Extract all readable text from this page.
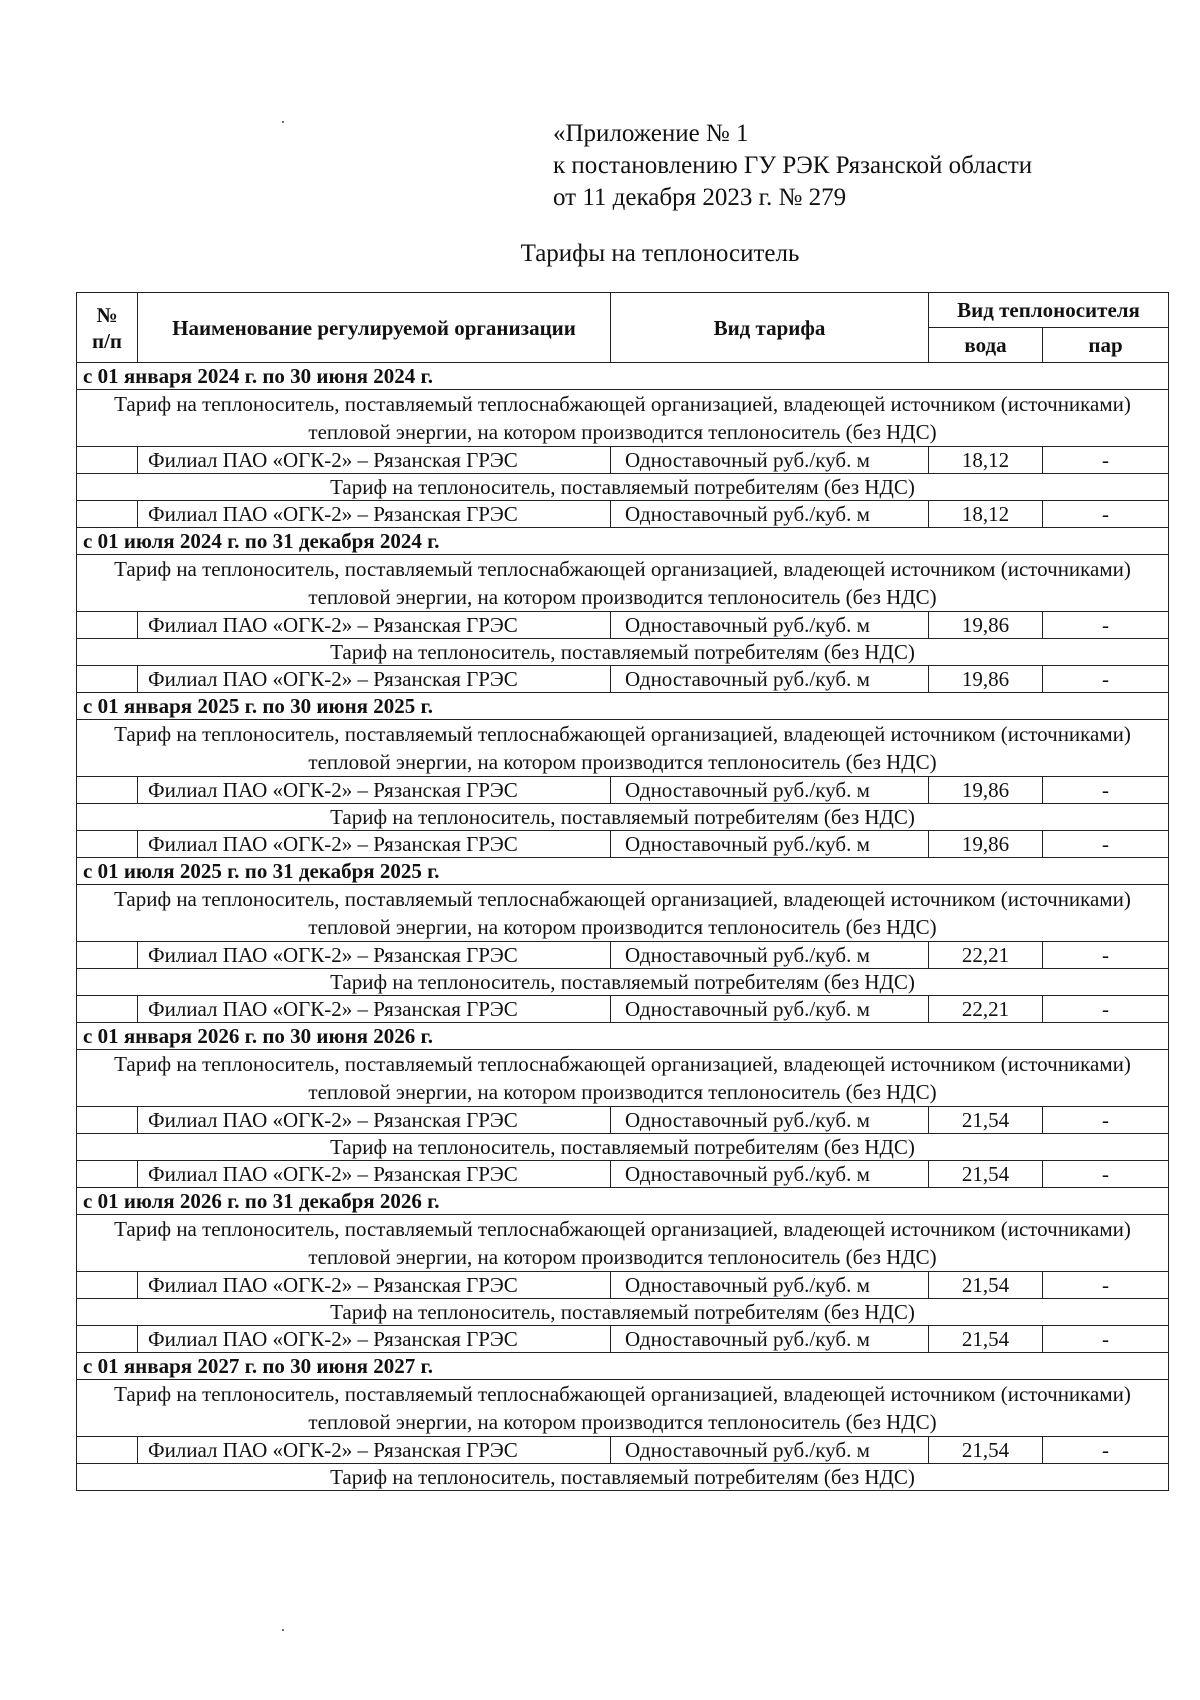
«Приложение № 1
к постановлению ГУ РЭК Рязанской области
от 11 декабря 2023 г. № 279
Тарифы на теплоноситель
№
п/п	Наименование регулируемой организации	Вид тарифа	Вид теплоносителя	
			вода	пар
с 01 января 2024 г. по 30 июня 2024 г.				
Тариф на теплоноситель, поставляемый теплоснабжающей организацией, владеющей источником (источниками) тепловой энергии, на котором производится теплоноситель (без НДС)				
	Филиал ПАО «ОГК-2» – Рязанская ГРЭС	Одноставочный руб./куб. м	18,12	-
Тариф на теплоноситель, поставляемый потребителям (без НДС)				
	Филиал ПАО «ОГК-2» – Рязанская ГРЭС	Одноставочный руб./куб. м	18,12	-
с 01 июля 2024 г. по 31 декабря 2024 г.				
Тариф на теплоноситель, поставляемый теплоснабжающей организацией, владеющей источником (источниками) тепловой энергии, на котором производится теплоноситель (без НДС)				
	Филиал ПАО «ОГК-2» – Рязанская ГРЭС	Одноставочный руб./куб. м	19,86	-
Тариф на теплоноситель, поставляемый потребителям (без НДС)				
	Филиал ПАО «ОГК-2» – Рязанская ГРЭС	Одноставочный руб./куб. м	19,86	-
с 01 января 2025 г. по 30 июня 2025 г.				
Тариф на теплоноситель, поставляемый теплоснабжающей организацией, владеющей источником (источниками) тепловой энергии, на котором производится теплоноситель (без НДС)				
	Филиал ПАО «ОГК-2» – Рязанская ГРЭС	Одноставочный руб./куб. м	19,86	-
Тариф на теплоноситель, поставляемый потребителям (без НДС)				
	Филиал ПАО «ОГК-2» – Рязанская ГРЭС	Одноставочный руб./куб. м	19,86	-
с 01 июля 2025 г. по 31 декабря 2025 г.				
Тариф на теплоноситель, поставляемый теплоснабжающей организацией, владеющей источником (источниками) тепловой энергии, на котором производится теплоноситель (без НДС)				
	Филиал ПАО «ОГК-2» – Рязанская ГРЭС	Одноставочный руб./куб. м	22,21	-
Тариф на теплоноситель, поставляемый потребителям (без НДС)				
	Филиал ПАО «ОГК-2» – Рязанская ГРЭС	Одноставочный руб./куб. м	22,21	-
с 01 января 2026 г. по 30 июня 2026 г.				
Тариф на теплоноситель, поставляемый теплоснабжающей организацией, владеющей источником (источниками) тепловой энергии, на котором производится теплоноситель (без НДС)				
	Филиал ПАО «ОГК-2» – Рязанская ГРЭС	Одноставочный руб./куб. м	21,54	-
Тариф на теплоноситель, поставляемый потребителям (без НДС)				
	Филиал ПАО «ОГК-2» – Рязанская ГРЭС	Одноставочный руб./куб. м	21,54	-
с 01 июля 2026 г. по 31 декабря 2026 г.				
Тариф на теплоноситель, поставляемый теплоснабжающей организацией, владеющей источником (источниками) тепловой энергии, на котором производится теплоноситель (без НДС)				
	Филиал ПАО «ОГК-2» – Рязанская ГРЭС	Одноставочный руб./куб. м	21,54	-
Тариф на теплоноситель, поставляемый потребителям (без НДС)				
	Филиал ПАО «ОГК-2» – Рязанская ГРЭС	Одноставочный руб./куб. м	21,54	-
с 01 января 2027 г. по 30 июня 2027 г.				
Тариф на теплоноситель, поставляемый теплоснабжающей организацией, владеющей источником (источниками) тепловой энергии, на котором производится теплоноситель (без НДС)				
	Филиал ПАО «ОГК-2» – Рязанская ГРЭС	Одноставочный руб./куб. м	21,54	-
Тариф на теплоноситель, поставляемый потребителям (без НДС)				
